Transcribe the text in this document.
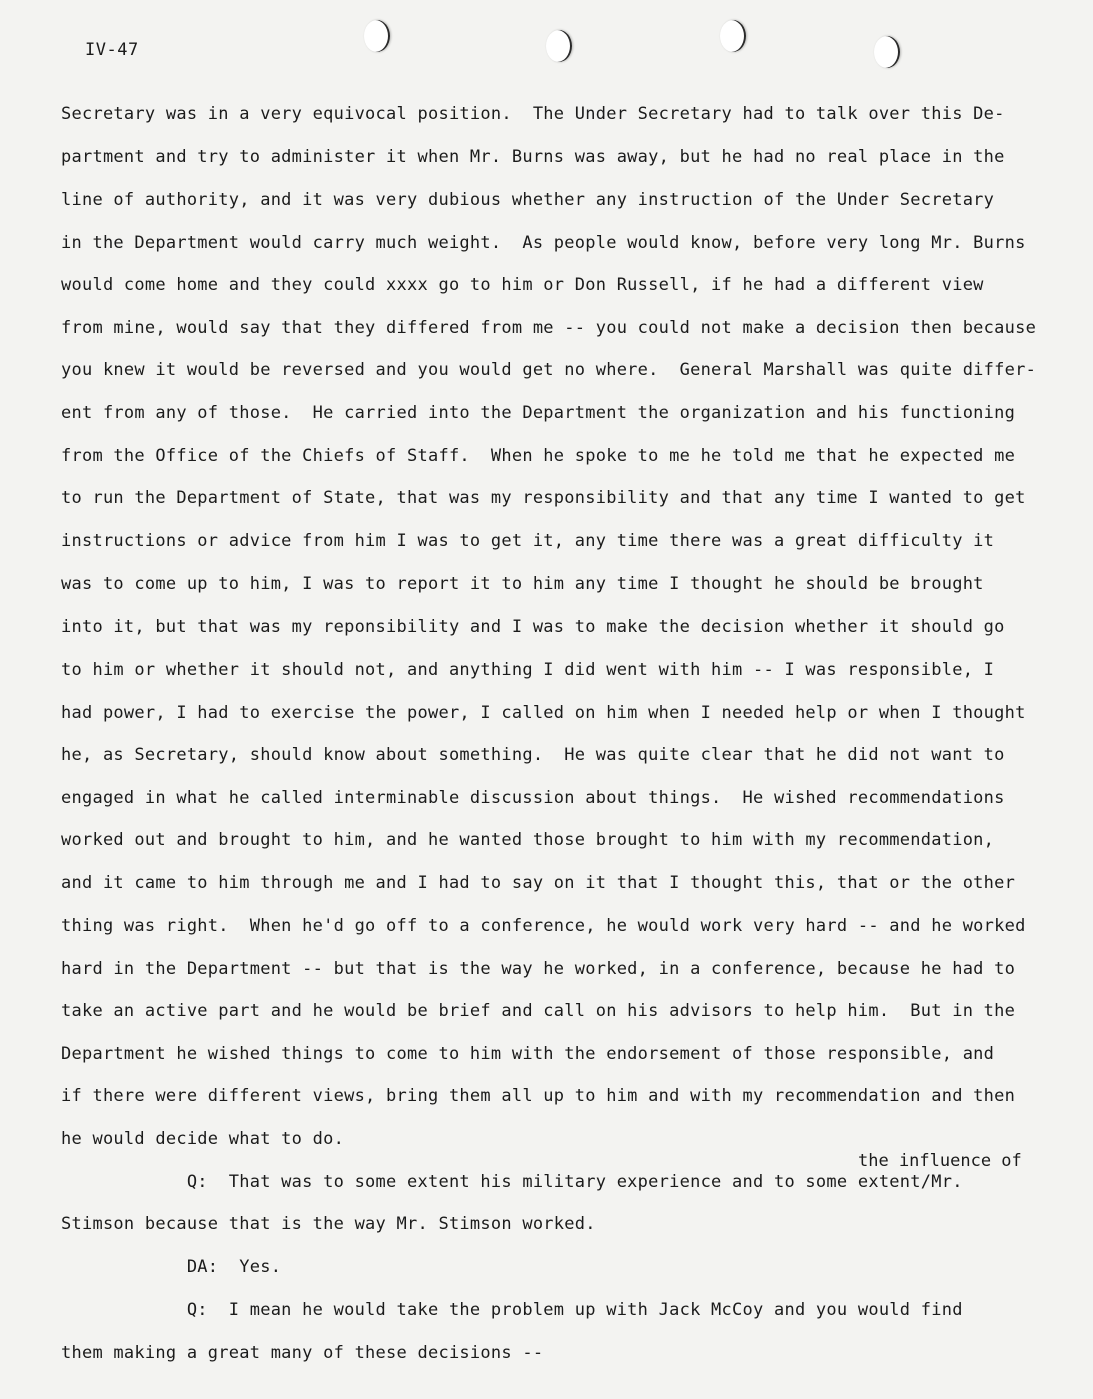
IV-47
Secretary was in a very equivocal position.  The Under Secretary had to talk over this De-
partment and try to administer it when Mr. Burns was away, but he had no real place in the
line of authority, and it was very dubious whether any instruction of the Under Secretary
in the Department would carry much weight.  As people would know, before very long Mr. Burns
would come home and they could xxxx go to him or Don Russell, if he had a different view
from mine, would say that they differed from me -- you could not make a decision then because
you knew it would be reversed and you would get no where.  General Marshall was quite differ-
ent from any of those.  He carried into the Department the organization and his functioning
from the Office of the Chiefs of Staff.  When he spoke to me he told me that he expected me
to run the Department of State, that was my responsibility and that any time I wanted to get
instructions or advice from him I was to get it, any time there was a great difficulty it
was to come up to him, I was to report it to him any time I thought he should be brought
into it, but that was my reponsibility and I was to make the decision whether it should go
to him or whether it should not, and anything I did went with him -- I was responsible, I
had power, I had to exercise the power, I called on him when I needed help or when I thought
he, as Secretary, should know about something.  He was quite clear that he did not want to
engaged in what he called interminable discussion about things.  He wished recommendations
worked out and brought to him, and he wanted those brought to him with my recommendation,
and it came to him through me and I had to say on it that I thought this, that or the other
thing was right.  When he'd go off to a conference, he would work very hard -- and he worked
hard in the Department -- but that is the way he worked, in a conference, because he had to
take an active part and he would be brief and call on his advisors to help him.  But in the
Department he wished things to come to him with the endorsement of those responsible, and
if there were different views, bring them all up to him and with my recommendation and then
he would decide what to do.
the influence of
Q:  That was to some extent his military experience and to some extent/Mr.
Stimson because that is the way Mr. Stimson worked.
DA:  Yes.
Q:  I mean he would take the problem up with Jack McCoy and you would find
them making a great many of these decisions --
